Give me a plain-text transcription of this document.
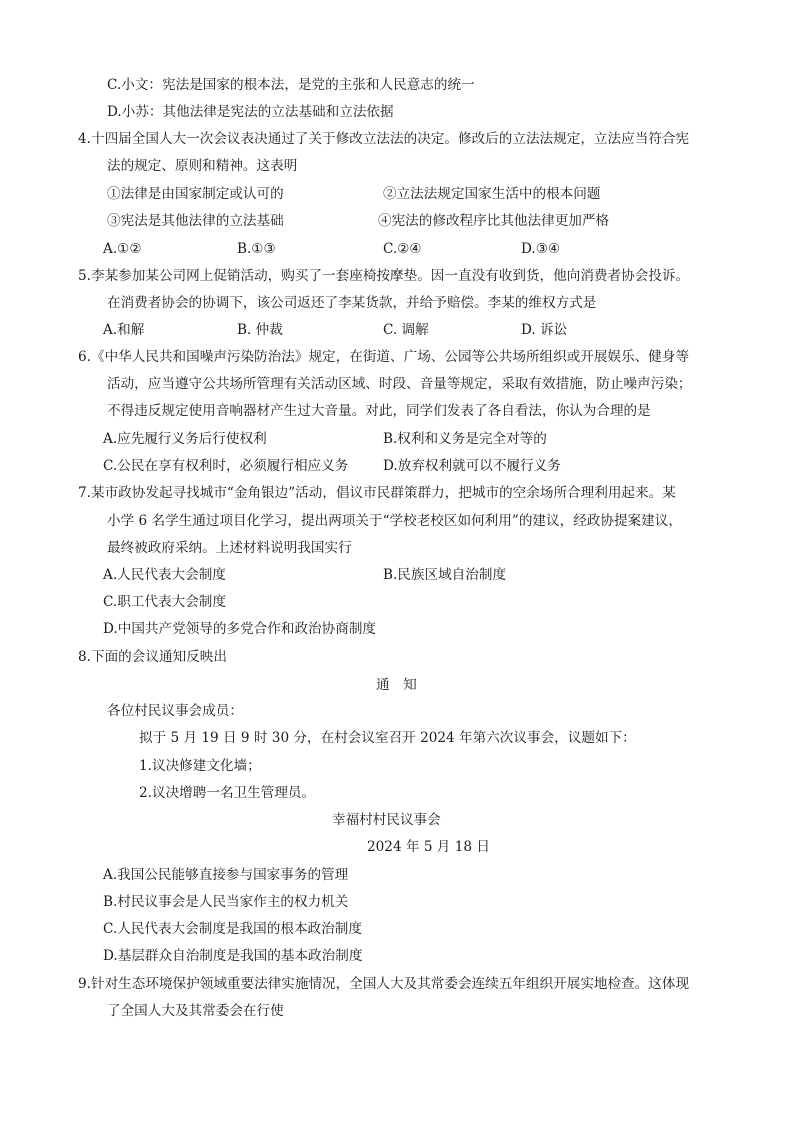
C.小文：宪法是国家的根本法，是党的主张和人民意志的统一
D.小苏：其他法律是宪法的立法基础和立法依据
4.十四届全国人大一次会议表决通过了关于修改立法法的决定。修改后的立法法规定，立法应当符合宪
法的规定、原则和精神。这表明
①法律是由国家制定或认可的	②立法法规定国家生活中的根本问题
③宪法是其他法律的立法基础	④宪法的修改程序比其他法律更加严格
A.①②	B.①③	C.②④	D.③④
5.李某参加某公司网上促销活动，购买了一套座椅按摩垫。因一直没有收到货，他向消费者协会投诉。
在消费者协会的协调下，该公司返还了李某货款，并给予赔偿。李某的维权方式是
A.和解	B. 仲裁	C. 调解	D. 诉讼
6.《中华人民共和国噪声污染防治法》规定，在街道、广场、公园等公共场所组织或开展娱乐、健身等
活动，应当遵守公共场所管理有关活动区域、时段、音量等规定，采取有效措施，防止噪声污染；
不得违反规定使用音响器材产生过大音量。对此，同学们发表了各自看法，你认为合理的是
A.应先履行义务后行使权利	B.权利和义务是完全对等的
C.公民在享有权利时，必须履行相应义务	D.放弃权利就可以不履行义务
7.某市政协发起寻找城市“金角银边”活动，倡议市民群策群力，把城市的空余场所合理利用起来。某
小学 6 名学生通过项目化学习，提出两项关于“学校老校区如何利用”的建议，经政协提案建议，
最终被政府采纳。上述材料说明我国实行
A.人民代表大会制度	B.民族区域自治制度
C.职工代表大会制度
D.中国共产党领导的多党合作和政治协商制度
8.下面的会议通知反映出
通　知
各位村民议事会成员：
拟于 5 月 19 日 9 时 30 分，在村会议室召开 2024 年第六次议事会，议题如下：
1.议决修建文化墙；
2.议决增聘一名卫生管理员。
幸福村村民议事会
2024 年 5 月 18 日
A.我国公民能够直接参与国家事务的管理
B.村民议事会是人民当家作主的权力机关
C.人民代表大会制度是我国的根本政治制度
D.基层群众自治制度是我国的基本政治制度
9.针对生态环境保护领域重要法律实施情况，全国人大及其常委会连续五年组织开展实地检查。这体现
了全国人大及其常委会在行使
